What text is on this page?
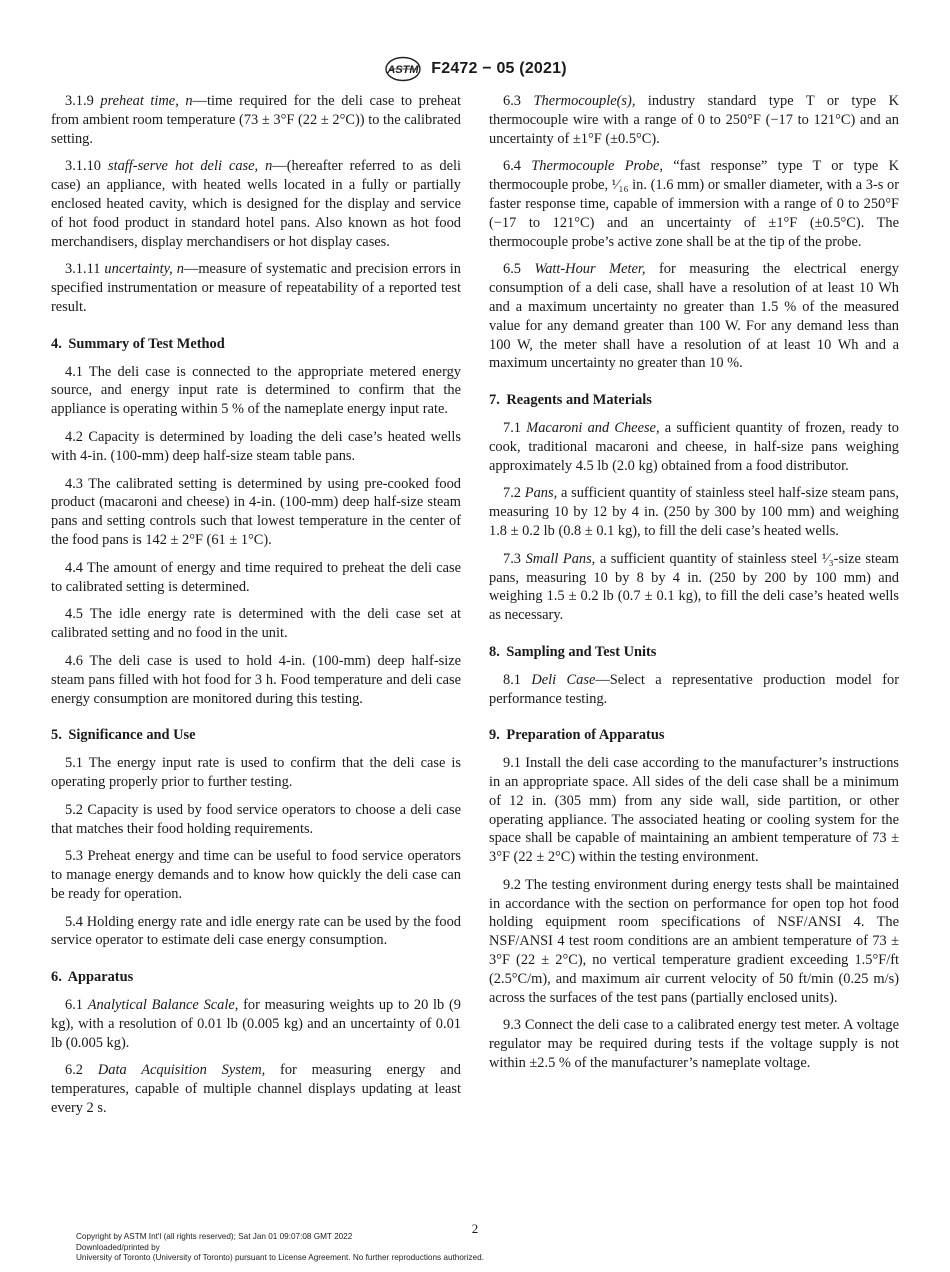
ASTM F2472 − 05 (2021)

3.1.9 preheat time, n—time required for the deli case to preheat from ambient room temperature (73 ± 3°F (22 ± 2°C)) to the calibrated setting.

3.1.10 staff-serve hot deli case, n—(hereafter referred to as deli case) an appliance, with heated wells located in a fully or partially enclosed heated cavity, which is designed for the display and service of hot food product in standard hotel pans. Also known as hot food merchandisers, display merchandisers or hot display cases.

3.1.11 uncertainty, n—measure of systematic and precision errors in specified instrumentation or measure of repeatability of a reported test result.

4. Summary of Test Method

4.1 The deli case is connected to the appropriate metered energy source, and energy input rate is determined to confirm that the appliance is operating within 5 % of the nameplate energy input rate.

4.2 Capacity is determined by loading the deli case’s heated wells with 4-in. (100-mm) deep half-size steam table pans.

4.3 The calibrated setting is determined by using pre-cooked food product (macaroni and cheese) in 4-in. (100-mm) deep half-size steam pans and setting controls such that lowest temperature in the center of the food pans is 142 ± 2°F (61 ± 1°C).

4.4 The amount of energy and time required to preheat the deli case to calibrated setting is determined.

4.5 The idle energy rate is determined with the deli case set at calibrated setting and no food in the unit.

4.6 The deli case is used to hold 4-in. (100-mm) deep half-size steam pans filled with hot food for 3 h. Food temperature and deli case energy consumption are monitored during this testing.

5. Significance and Use

5.1 The energy input rate is used to confirm that the deli case is operating properly prior to further testing.

5.2 Capacity is used by food service operators to choose a deli case that matches their food holding requirements.

5.3 Preheat energy and time can be useful to food service operators to manage energy demands and to know how quickly the deli case can be ready for operation.

5.4 Holding energy rate and idle energy rate can be used by the food service operator to estimate deli case energy consumption.

6. Apparatus

6.1 Analytical Balance Scale, for measuring weights up to 20 lb (9 kg), with a resolution of 0.01 lb (0.005 kg) and an uncertainty of 0.01 lb (0.005 kg).

6.2 Data Acquisition System, for measuring energy and temperatures, capable of multiple channel displays updating at least every 2 s.

6.3 Thermocouple(s), industry standard type T or type K thermocouple wire with a range of 0 to 250°F (−17 to 121°C) and an uncertainty of ±1°F (±0.5°C).

6.4 Thermocouple Probe, “fast response” type T or type K thermocouple probe, ¹⁄₁₆ in. (1.6 mm) or smaller diameter, with a 3-s or faster response time, capable of immersion with a range of 0 to 250°F (−17 to 121°C) and an uncertainty of ±1°F (±0.5°C). The thermocouple probe’s active zone shall be at the tip of the probe.

6.5 Watt-Hour Meter, for measuring the electrical energy consumption of a deli case, shall have a resolution of at least 10 Wh and a maximum uncertainty no greater than 1.5 % of the measured value for any demand greater than 100 W. For any demand less than 100 W, the meter shall have a resolution of at least 10 Wh and a maximum uncertainty no greater than 10 %.

7. Reagents and Materials

7.1 Macaroni and Cheese, a sufficient quantity of frozen, ready to cook, traditional macaroni and cheese, in half-size pans weighing approximately 4.5 lb (2.0 kg) obtained from a food distributor.

7.2 Pans, a sufficient quantity of stainless steel half-size steam pans, measuring 10 by 12 by 4 in. (250 by 300 by 100 mm) and weighing 1.8 ± 0.2 lb (0.8 ± 0.1 kg), to fill the deli case’s heated wells.

7.3 Small Pans, a sufficient quantity of stainless steel ¹⁄₃-size steam pans, measuring 10 by 8 by 4 in. (250 by 200 by 100 mm) and weighing 1.5 ± 0.2 lb (0.7 ± 0.1 kg), to fill the deli case’s heated wells as necessary.

8. Sampling and Test Units

8.1 Deli Case—Select a representative production model for performance testing.

9. Preparation of Apparatus

9.1 Install the deli case according to the manufacturer’s instructions in an appropriate space. All sides of the deli case shall be a minimum of 12 in. (305 mm) from any side wall, side partition, or other operating appliance. The associated heating or cooling system for the space shall be capable of maintaining an ambient temperature of 73 ± 3°F (22 ± 2°C) within the testing environment.

9.2 The testing environment during energy tests shall be maintained in accordance with the section on performance for open top hot food holding equipment room specifications of NSF/ANSI 4. The NSF/ANSI 4 test room conditions are an ambient temperature of 73 ± 3°F (22 ± 2°C), no vertical temperature gradient exceeding 1.5°F/ft (2.5°C/m), and maximum air current velocity of 50 ft/min (0.25 m/s) across the surfaces of the test pans (partially enclosed units).

9.3 Connect the deli case to a calibrated energy test meter. A voltage regulator may be required during tests if the voltage supply is not within ±2.5 % of the manufacturer’s nameplate voltage.

2
Copyright by ASTM Int'l (all rights reserved); Sat Jan 01 09:07:08 GMT 2022
Downloaded/printed by
University of Toronto (University of Toronto) pursuant to License Agreement. No further reproductions authorized.
